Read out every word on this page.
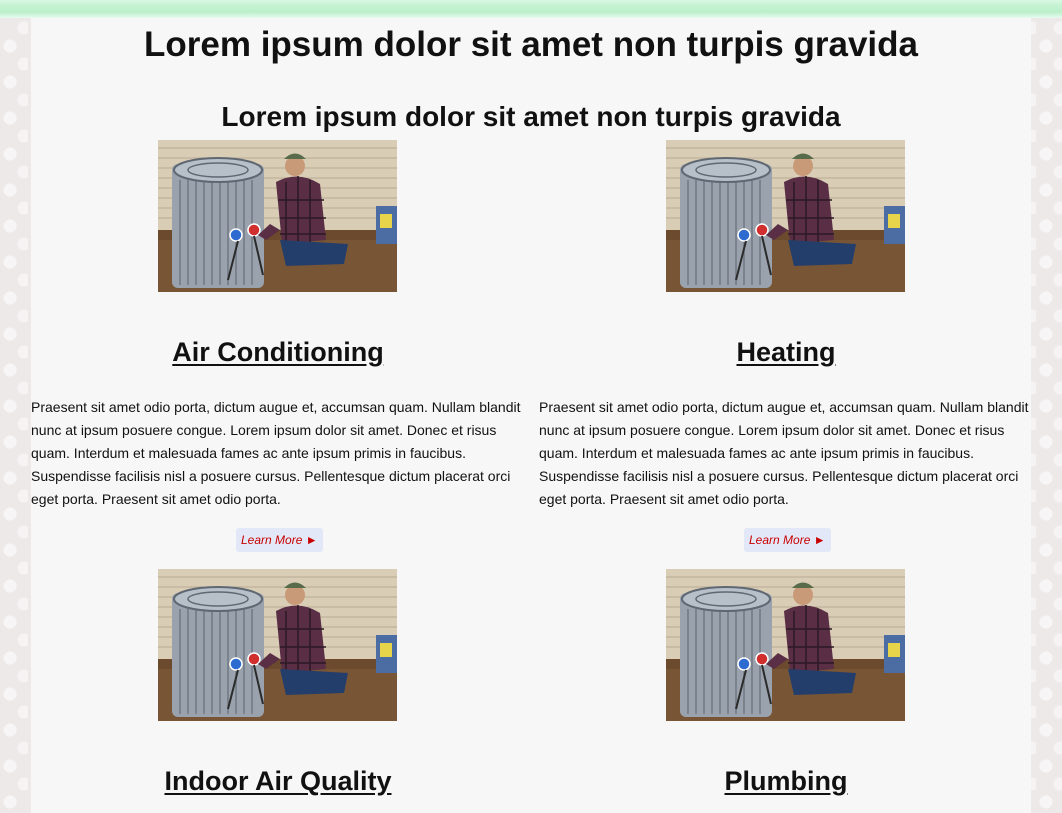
Lorem ipsum dolor sit amet non turpis gravida
Lorem ipsum dolor sit amet non turpis gravida
Air Conditioning

Praesent sit amet odio porta, dictum augue et, accumsan quam. Nullam blandit nunc at ipsum posuere congue. Lorem ipsum dolor sit amet. Donec et risus quam. Interdum et malesuada fames ac ante ipsum primis in faucibus. Suspendisse facilisis nisl a posuere cursus. Pellentesque dictum placerat orci eget porta. Praesent sit amet odio porta.

Learn More ►
Heating

Praesent sit amet odio porta, dictum augue et, accumsan quam. Nullam blandit nunc at ipsum posuere congue. Lorem ipsum dolor sit amet. Donec et risus quam. Interdum et malesuada fames ac ante ipsum primis in faucibus. Suspendisse facilisis nisl a posuere cursus. Pellentesque dictum placerat orci eget porta. Praesent sit amet odio porta.

Learn More ►
Indoor Air Quality	Plumbing
